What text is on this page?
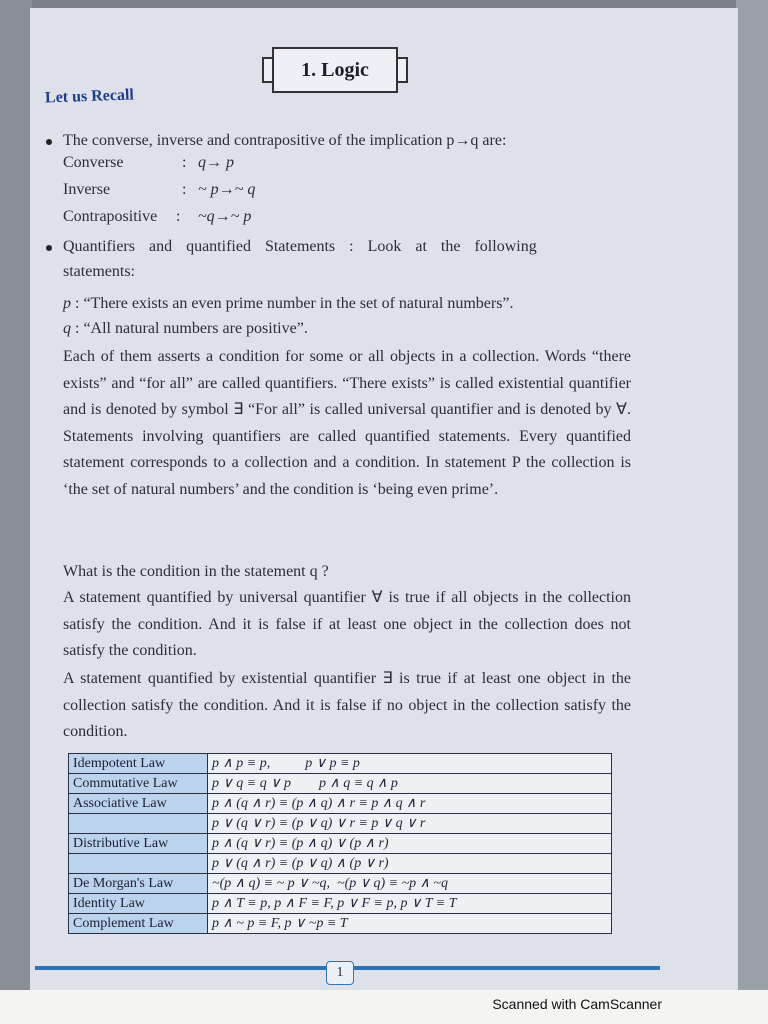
1. Logic
Let us Recall
The converse, inverse and contrapositive of the implication p→q are:
Converse	: q→ p
Inverse	: ~ p→~ q
Contrapositive : ~q→~ p
Quantifiers and quantified Statements : Look at the following
statements:
p : “There exists an even prime number in the set of natural numbers”.
q : “All natural numbers are positive”.
Each of them asserts a condition for some or all objects in a collection. Words “there exists” and “for all” are called quantifiers. “There exists” is called existential quantifier and is denoted by symbol ∃ “For all” is called universal quantifier and is denoted by ∀. Statements involving quantifiers are called quantified statements. Every quantified statement corresponds to a collection and a condition. In statement P the collection is ‘the set of natural numbers’ and the condition is ‘being even prime’.
What is the condition in the statement q ?
A statement quantified by universal quantifier ∀ is true if all objects in the collection satisfy the condition. And it is false if at least one object in the collection does not satisfy the condition.
A statement quantified by existential quantifier ∃ is true if at least one object in the collection satisfy the condition. And it is false if no object in the collection satisfy the condition.
Idempotent Law	p ∧ p ≡ p,          p ∨ p ≡ p
Commutative Law	p ∨ q ≡ q ∨ p        p ∧ q ≡ q ∧ p
Associative Law	p ∧ (q ∧ r) ≡ (p ∧ q) ∧ r ≡ p ∧ q ∧ r
	p ∨ (q ∨ r) ≡ (p ∨ q) ∨ r ≡ p ∨ q ∨ r
Distributive Law	p ∧ (q ∨ r) ≡ (p ∧ q) ∨ (p ∧ r)
	p ∨ (q ∧ r) ≡ (p ∨ q) ∧ (p ∨ r)
De Morgan's Law	~(p ∧ q) ≡ ~ p ∨ ~q,  ~(p ∨ q) ≡ ~p ∧ ~q
Identity Law	p ∧ T ≡ p, p ∧ F ≡ F, p ∨ F ≡ p, p ∨ T ≡ T
Complement Law	p ∧ ~ p ≡ F, p ∨ ~p ≡ T
1
Scanned with CamScanner
